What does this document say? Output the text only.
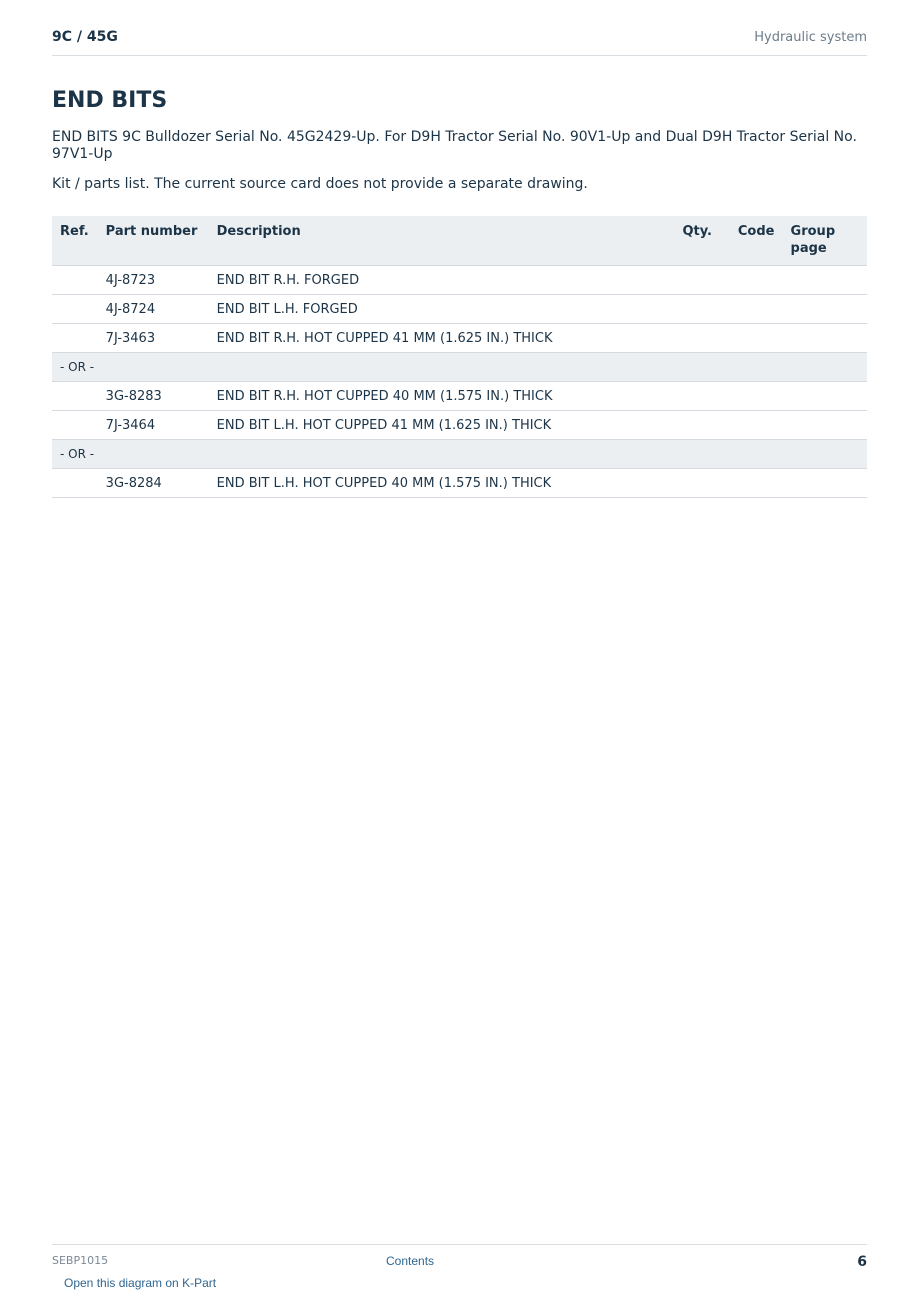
9C / 45G	Hydraulic system
END BITS
END BITS 9C Bulldozer Serial No. 45G2429-Up. For D9H Tractor Serial No. 90V1-Up and Dual D9H Tractor Serial No. 97V1-Up
Kit / parts list. The current source card does not provide a separate drawing.
Ref.	Part number	Description	Qty.	Code	Group page
	4J-8723	END BIT R.H. FORGED			
	4J-8724	END BIT L.H. FORGED			
	7J-3463	END BIT R.H. HOT CUPPED 41 MM (1.625 IN.) THICK			
- OR -					
	3G-8283	END BIT R.H. HOT CUPPED 40 MM (1.575 IN.) THICK			
	7J-3464	END BIT L.H. HOT CUPPED 41 MM (1.625 IN.) THICK			
- OR -					
	3G-8284	END BIT L.H. HOT CUPPED 40 MM (1.575 IN.) THICK			
SEBP1015	Contents	6
Open this diagram on K-Part
